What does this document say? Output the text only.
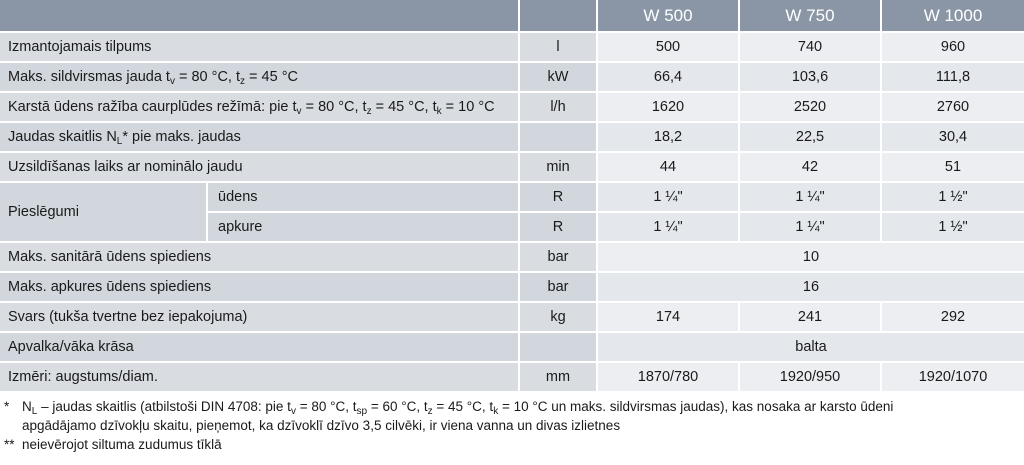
			W 500	W 750	W 1000
Izmantojamais tilpums		l	500	740	960
Maks. sildvirsmas jauda $t_v = 80$ °C, $t_z = 45$ °C		kW	66,4	103,6	111,8
Karstā ūdens ražība caurplūdes režīmā: pie $t_v = 80$ °C, $t_z = 45$ °C, $t_k = 10$ °C		l/h	1620	2520	2760
Jaudas skaitlis $N_L*$ pie maks. jaudas			18,2	22,5	30,4
Uzsildīšanas laiks ar nominālo jaudu		min	44	42	51
Pieslēgumi	ūdens	R	1 ¼"	1 ¼"	1 ½"
	apkure	R	1 ¼"	1 ¼"	1 ½"
Maks. sanitārā ūdens spiediens		bar	10		
Maks. apkures ūdens spiediens		bar	16		
Svars (tukša tvertne bez iepakojuma)		kg	174	241	292
Apvalka/vāka krāsa			balta		
Izmēri: augstums/diam.		mm	1870/780	1920/950	1920/1070
* $N_L$ – jaudas skaitlis (atbilstoši DIN 4708: pie $t_v = 80$ °C, $t_{sp} = 60$ °C, $t_z = 45$ °C, $t_k = 10$ °C un maks. sildvirsmas jaudas), kas nosaka ar karsto ūdeni
apgādājamo dzīvokļu skaitu, pieņemot, ka dzīvoklī dzīvo 3,5 cilvēki, ir viena vanna un divas izlietnes
** neievērojot siltuma zudumus tīklā
